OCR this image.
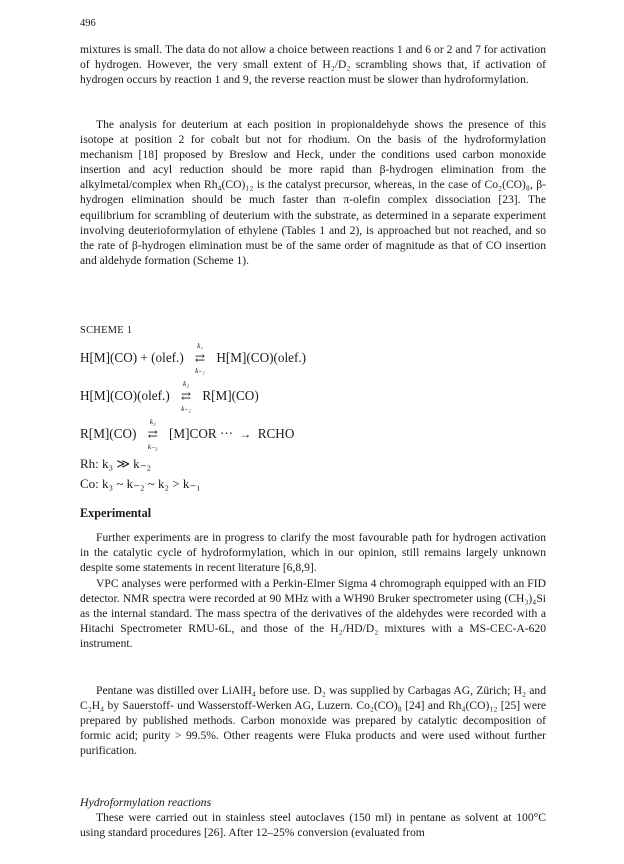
496

mixtures is small. The data do not allow a choice between reactions 1 and 6 or 2 and 7 for activation of hydrogen. However, the very small extent of H₂/D₂ scrambling shows that, if activation of hydrogen occurs by reaction 1 and 9, the reverse reaction must be slower than hydroformylation.

The analysis for deuterium at each position in propionaldehyde shows the presence of this isotope at position 2 for cobalt but not for rhodium. On the basis of the hydroformylation mechanism [18] proposed by Breslow and Heck, under the conditions used carbon monoxide insertion and acyl reduction should be more rapid than β-hydrogen elimination from the alkylmetal/complex when Rh₄(CO)₁₂ is the catalyst precursor, whereas, in the case of Co₂(CO)₈, β-hydrogen elimination should be much faster than π-olefin complex dissociation [23]. The equilibrium for scrambling of deuterium with the substrate, as determined in a separate experiment involving deuterioformylation of ethylene (Tables 1 and 2), is approached but not reached, and so the rate of β-hydrogen elimination must be of the same order of magnitude as that of CO insertion and aldehyde formation (Scheme 1).

SCHEME 1
H[M](CO) + (olef.)
k₁
⇄
k₋₁
H[M](CO)(olef.)
H[M](CO)(olef.)
k₂
⇄
k₋₂
R[M](CO)
R[M](CO)
k₃
⇄
k₋₃
[M]COR ···  →  RCHO
Rh: k₃ ≫ k₋₂
Co: k₃ ~ k₋₂ ~ k₂ > k₋₁
Experimental

Further experiments are in progress to clarify the most favourable path for hydrogen activation in the catalytic cycle of hydroformylation, which in our opinion, still remains largely unknown despite some statements in recent literature [6,8,9].

VPC analyses were performed with a Perkin-Elmer Sigma 4 chromograph equipped with an FID detector. NMR spectra were recorded at 90 MHz with a WH90 Bruker spectrometer using (CH₃)₄Si as the internal standard. The mass spectra of the derivatives of the aldehydes were recorded with a Hitachi Spectrometer RMU-6L, and those of the H₂/HD/D₂ mixtures with a MS-CEC-A-620 instrument.

Pentane was distilled over LiAlH₄ before use. D₂ was supplied by Carbagas AG, Zürich; H₂ and C₂H₄ by Sauerstoff- und Wasserstoff-Werken AG, Luzern. Co₂(CO)₈ [24] and Rh₄(CO)₁₂ [25] were prepared by published methods. Carbon monoxide was prepared by catalytic decomposition of formic acid; purity > 99.5%. Other reagents were Fluka products and were used without further purification.

Hydroformylation reactions

These were carried out in stainless steel autoclaves (150 ml) in pentane as solvent at 100°C using standard procedures [26]. After 12–25% conversion (evaluated from
